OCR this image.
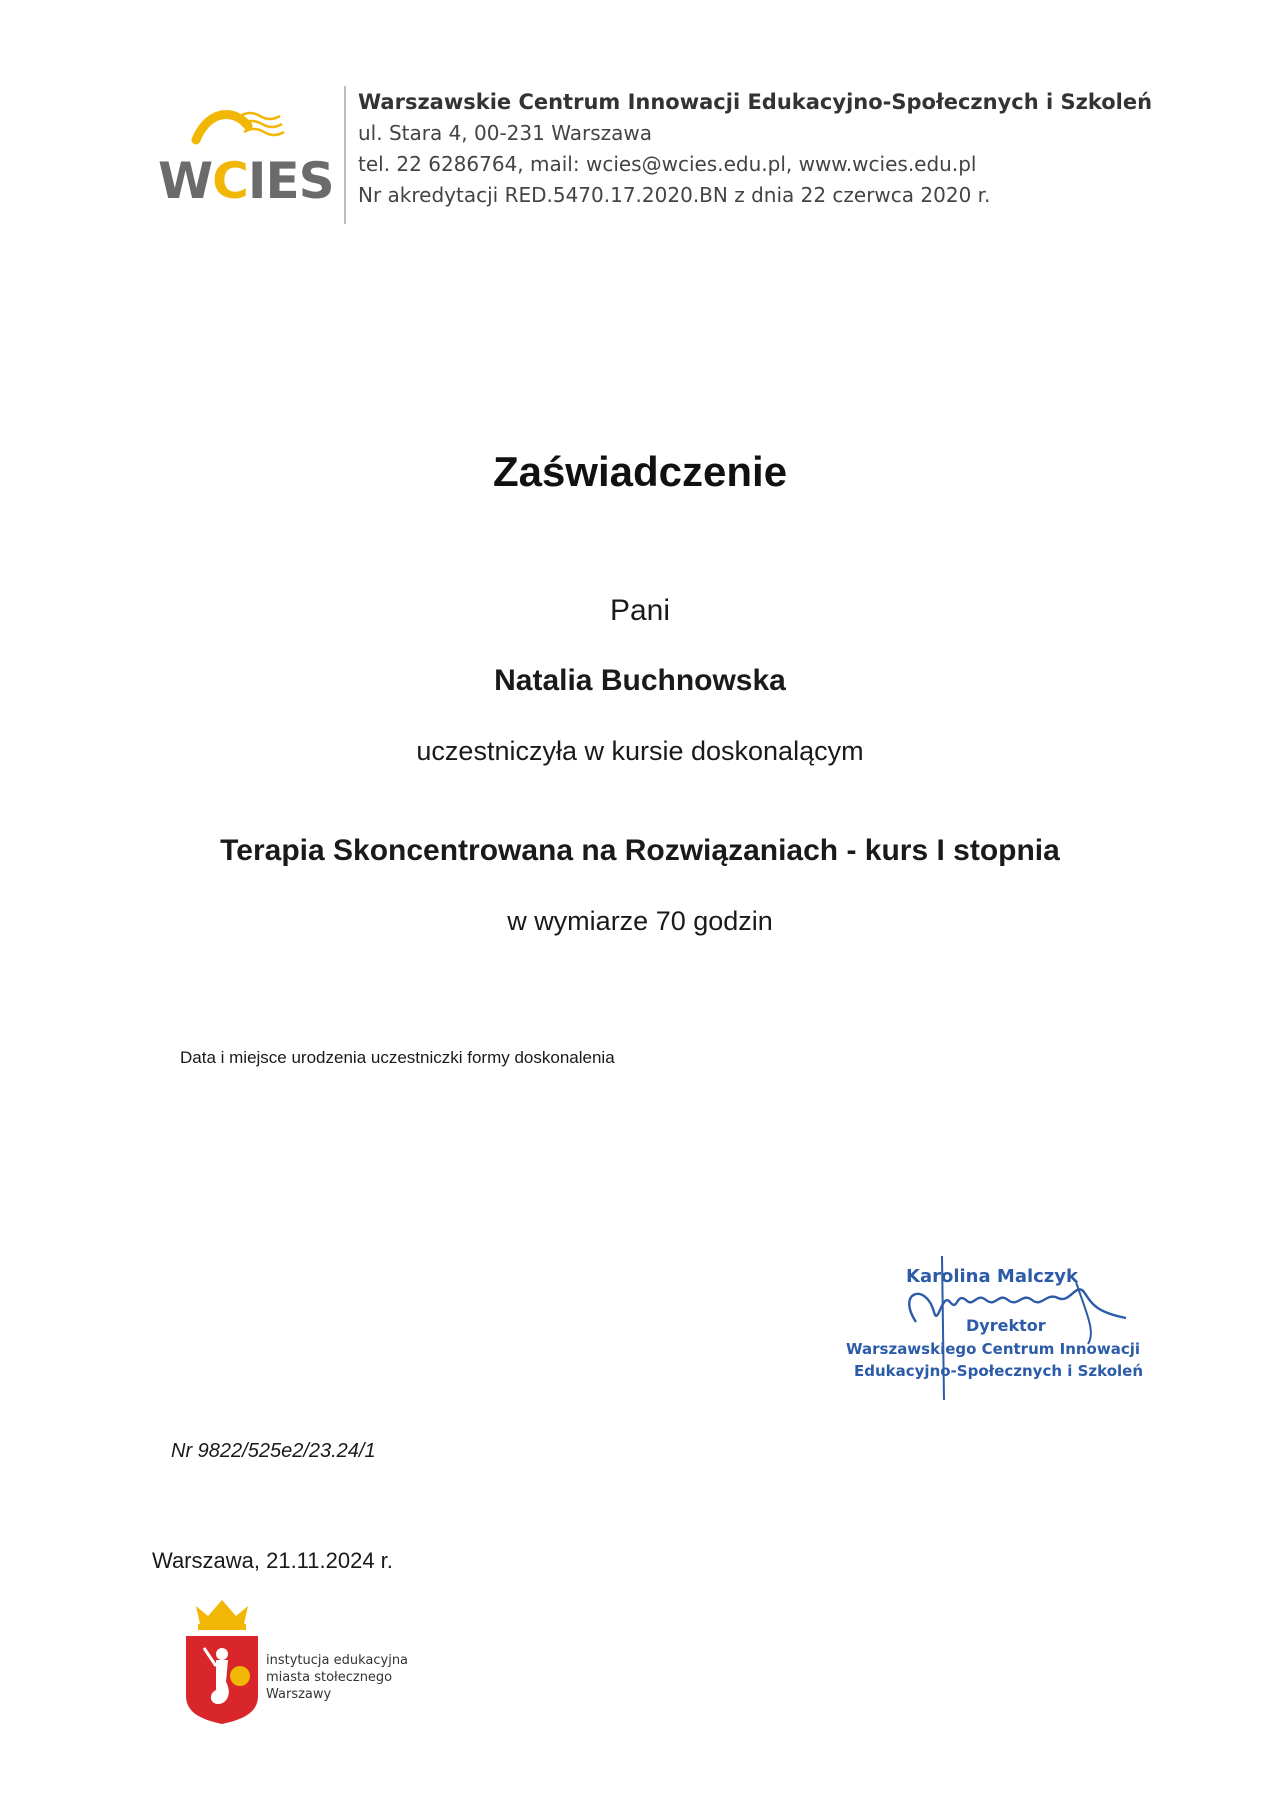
WCIES
Warszawskie Centrum Innowacji Edukacyjno-Społecznych i Szkoleń
ul. Stara 4, 00-231 Warszawa
tel. 22 6286764, mail: wcies@wcies.edu.pl, www.wcies.edu.pl
Nr akredytacji RED.5470.17.2020.BN z dnia 22 czerwca 2020 r.
Zaświadczenie
Pani
Natalia Buchnowska
uczestniczyła w kursie doskonalącym
Terapia Skoncentrowana na Rozwiązaniach - kurs I stopnia
w wymiarze 70 godzin
Data i miejsce urodzenia uczestniczki formy doskonalenia
Karolina Malczyk
Dyrektor
Warszawskiego Centrum Innowacji
Edukacyjno-Społecznych i Szkoleń
Nr 9822/525e2/23.24/1
Warszawa, 21.11.2024 r.
instytucja edukacyjna
miasta stołecznego
Warszawy
